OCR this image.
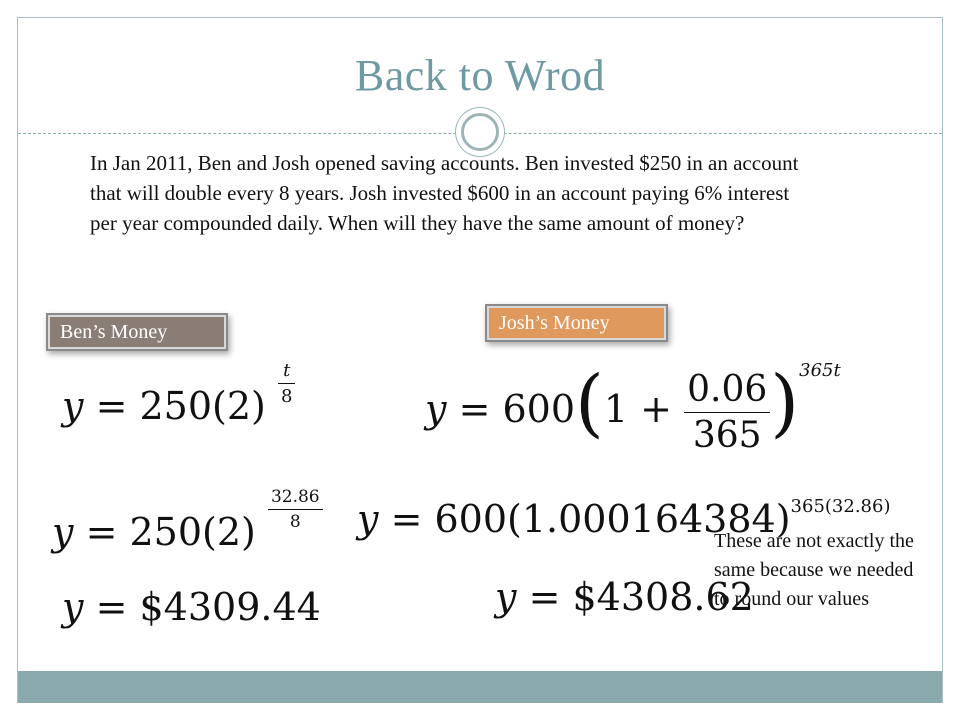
Back to Wrod
In Jan 2011, Ben and Josh opened saving accounts. Ben invested $250 in an account that will double every 8 years. Josh invested $600 in an account paying 6% interest per year compounded daily. When will they have the same amount of money?
Ben’s Money	Josh’s Money
$y = 250(2) \frac{t}{8}$
$y = 250(2) \frac{32.86}{8}$
y = $4309.44
$y = 600(1 + \frac{0.06}{365} )^{365t}$
$y = 600(1.000164384)^{365(32.86)}$
y = $4308.62
These are not exactly the same because we needed to round our values
